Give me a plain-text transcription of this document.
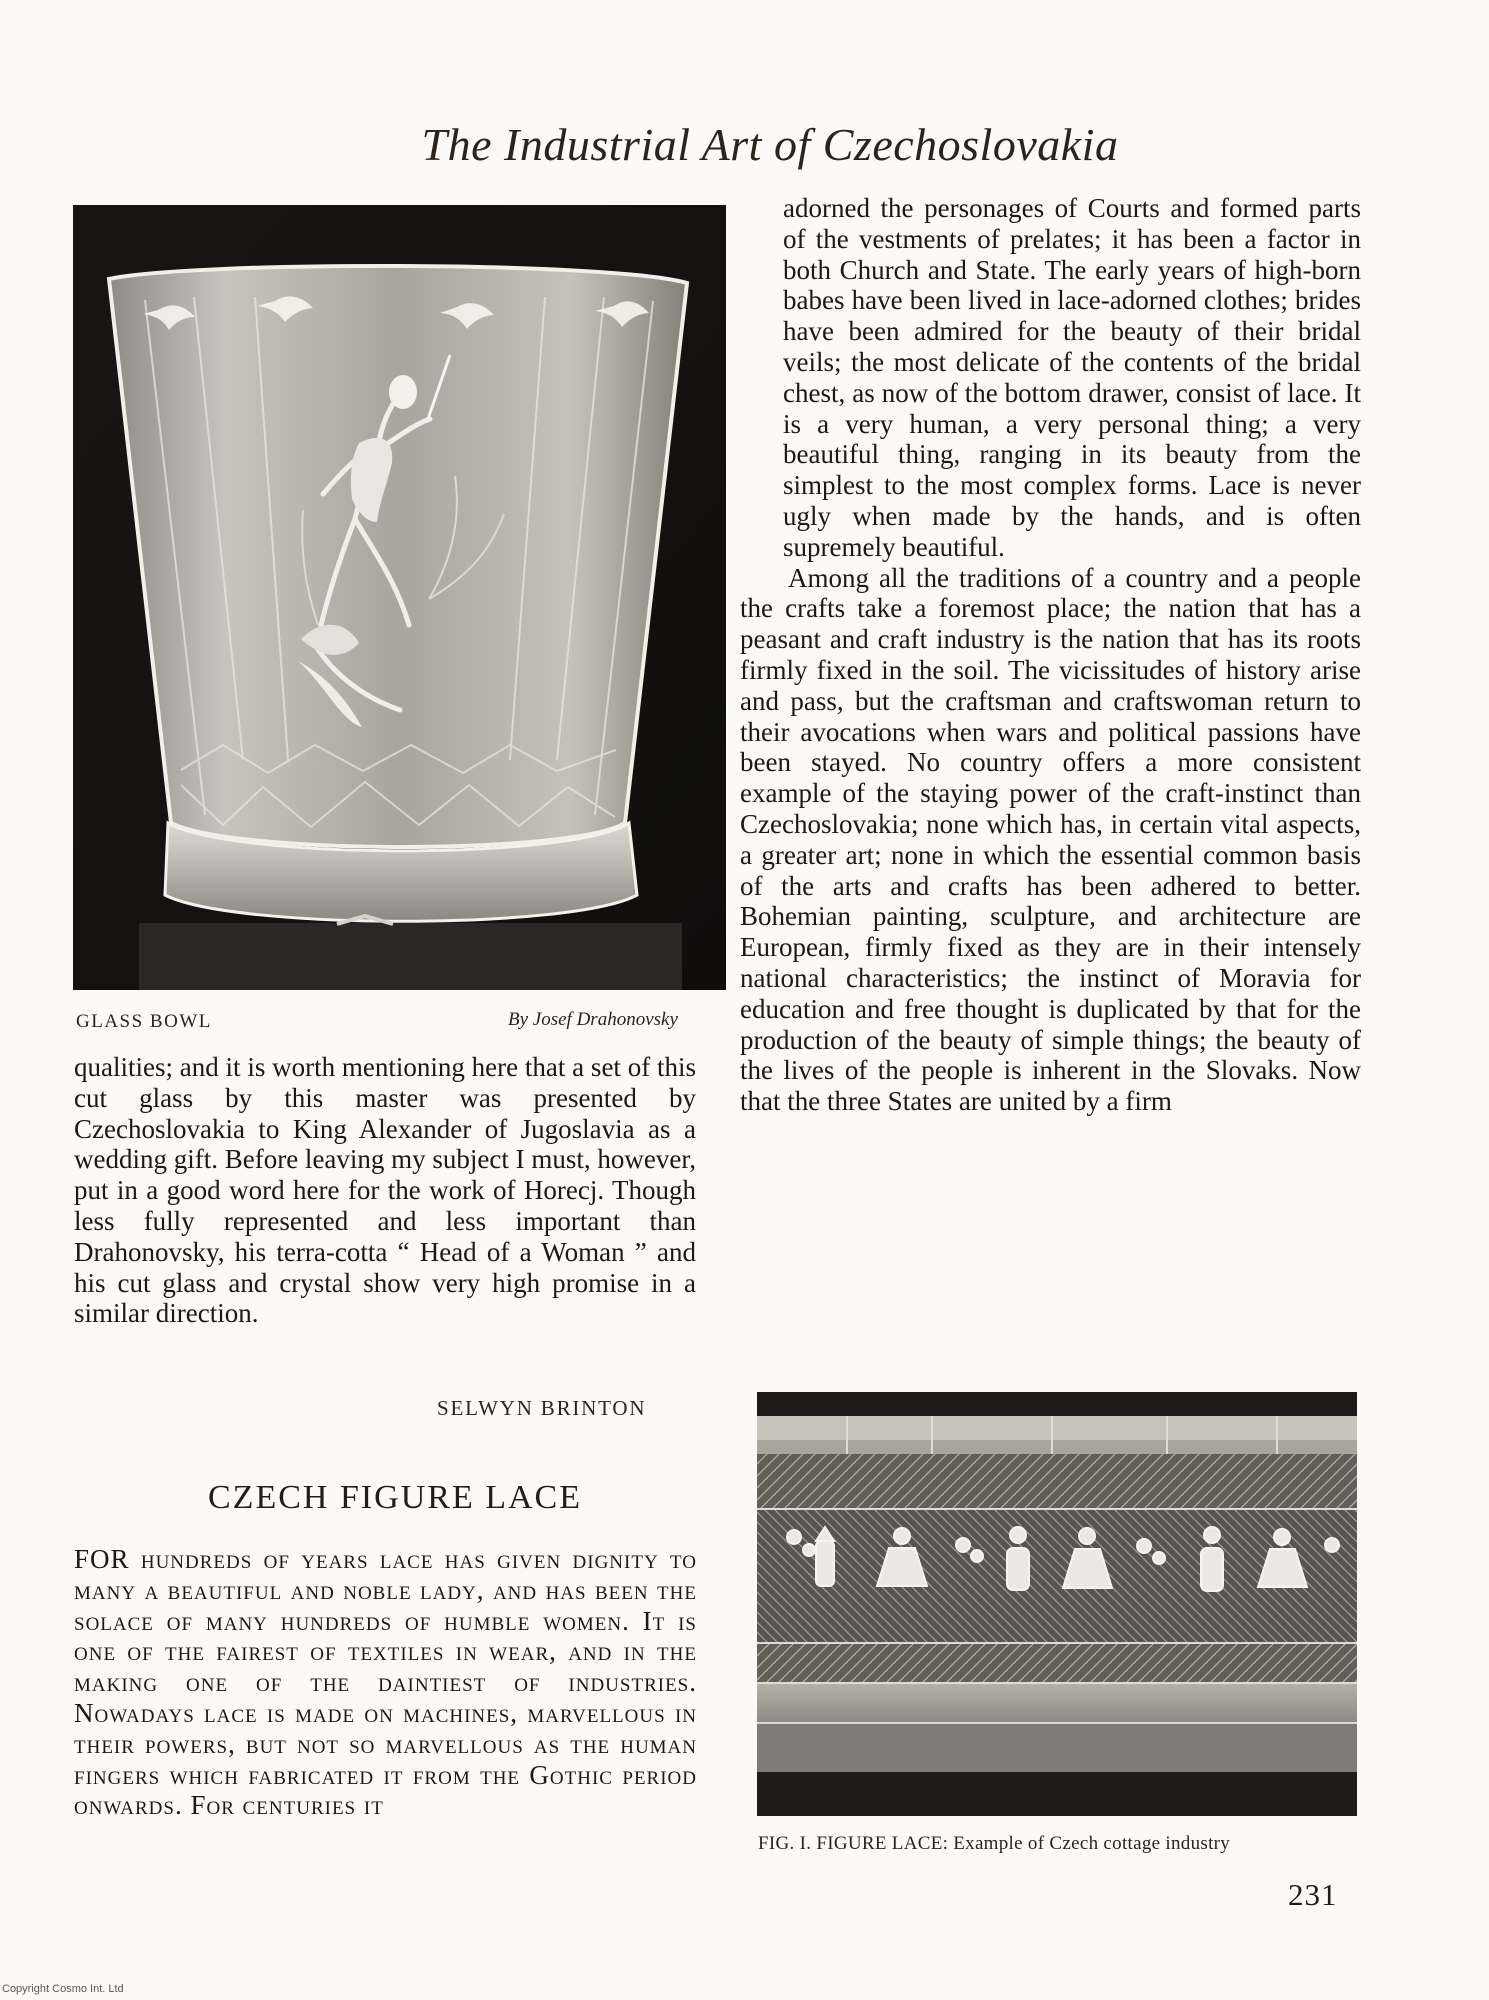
The Industrial Art of Czechoslovakia
GLASS BOWL	By Josef Drahonovsky

qualities; and it is worth mentioning here that a set of this cut glass by this master was presented by Czechoslovakia to King Alexander of Jugoslavia as a wedding gift. Before leaving my subject I must, however, put in a good word here for the work of Horecj. Though less fully represented and less important than Drahonovsky, his terra-cotta “ Head of a Woman ” and his cut glass and crystal show very high promise in a similar direction.

SELWYN BRINTON
CZECH FIGURE LACE

FOR hundreds of years lace has given dignity to many a beautiful and noble lady, and has been the solace of many hundreds of humble women. It is one of the fairest of textiles in wear, and in the making one of the daintiest of industries. Nowadays lace is made on machines, marvellous in their powers, but not so marvellous as the human fingers which fabricated it from the Gothic period onwards. For centuries it

adorned the personages of Courts and formed parts of the vestments of prelates; it has been a factor in both Church and State. The early years of high-born babes have been lived in lace-adorned clothes; brides have been admired for the beauty of their bridal veils; the most delicate of the contents of the bridal chest, as now of the bottom drawer, consist of lace. It is a very human, a very personal thing; a very beautiful thing, ranging in its beauty from the simplest to the most complex forms. Lace is never ugly when made by the hands, and is often supremely beautiful.

Among all the traditions of a country and a people the crafts take a foremost place; the nation that has a peasant and craft industry is the nation that has its roots firmly fixed in the soil. The vicissitudes of history arise and pass, but the craftsman and craftswoman return to their avocations when wars and political passions have been stayed. No country offers a more consistent example of the staying power of the craft-instinct than Czechoslovakia; none which has, in certain vital aspects, a greater art; none in which the essential common basis of the arts and crafts has been adhered to better. Bohemian painting, sculpture, and architecture are European, firmly fixed as they are in their intensely national characteristics; the instinct of Moravia for education and free thought is duplicated by that for the production of the beauty of simple things; the beauty of the lives of the people is inherent in the Slovaks. Now that the three States are united by a firm

FIG. I. FIGURE LACE: Example of Czech cottage industry
231
Copyright Cosmo Int. Ltd
